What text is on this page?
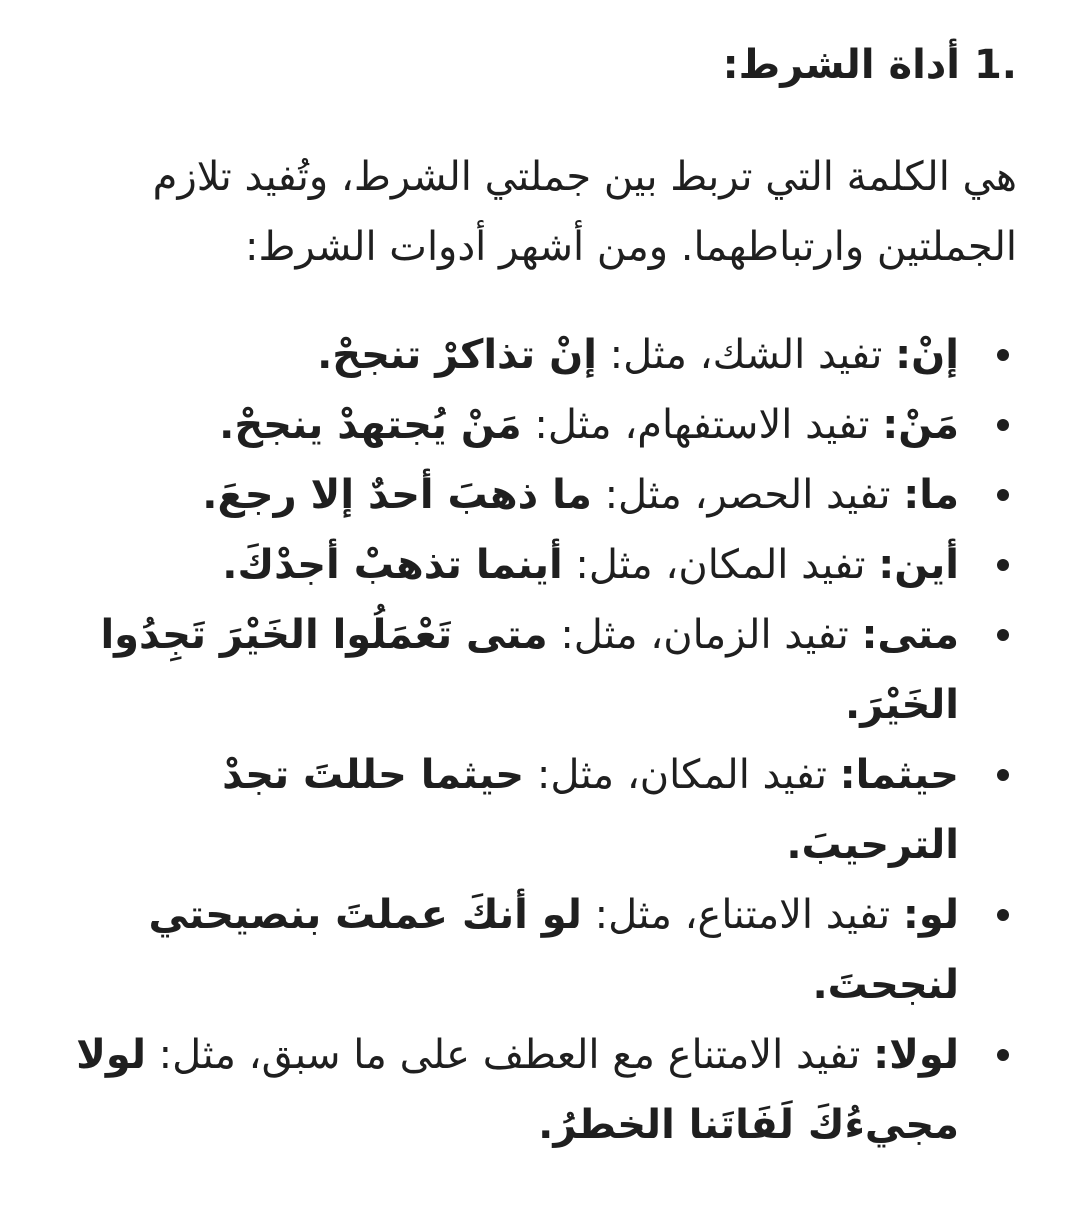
.1 أداة الشرط:

هي الكلمة التي تربط بين جملتي الشرط، وتُفيد تلازم الجملتين وارتباطهما. ومن أشهر أدوات الشرط:

إنْ: تفيد الشك، مثل: إنْ تذاكرْ تنجحْ.
مَنْ: تفيد الاستفهام، مثل: مَنْ يُجتهدْ ينجحْ.
ما: تفيد الحصر، مثل: ما ذهبَ أحدٌ إلا رجعَ.
أين: تفيد المكان، مثل: أينما تذهبْ أجدْكَ.
متى: تفيد الزمان، مثل: متى تَعْمَلُوا الخَيْرَ تَجِدُوا الخَيْرَ.
حيثما: تفيد المكان، مثل: حيثما حللتَ تجدْ الترحيبَ.
لو: تفيد الامتناع، مثل: لو أنكَ عملتَ بنصيحتي لنجحتَ.
لولا: تفيد الامتناع مع العطف على ما سبق، مثل: لولا مجيءُكَ لَفَاتَنا الخطرُ.
